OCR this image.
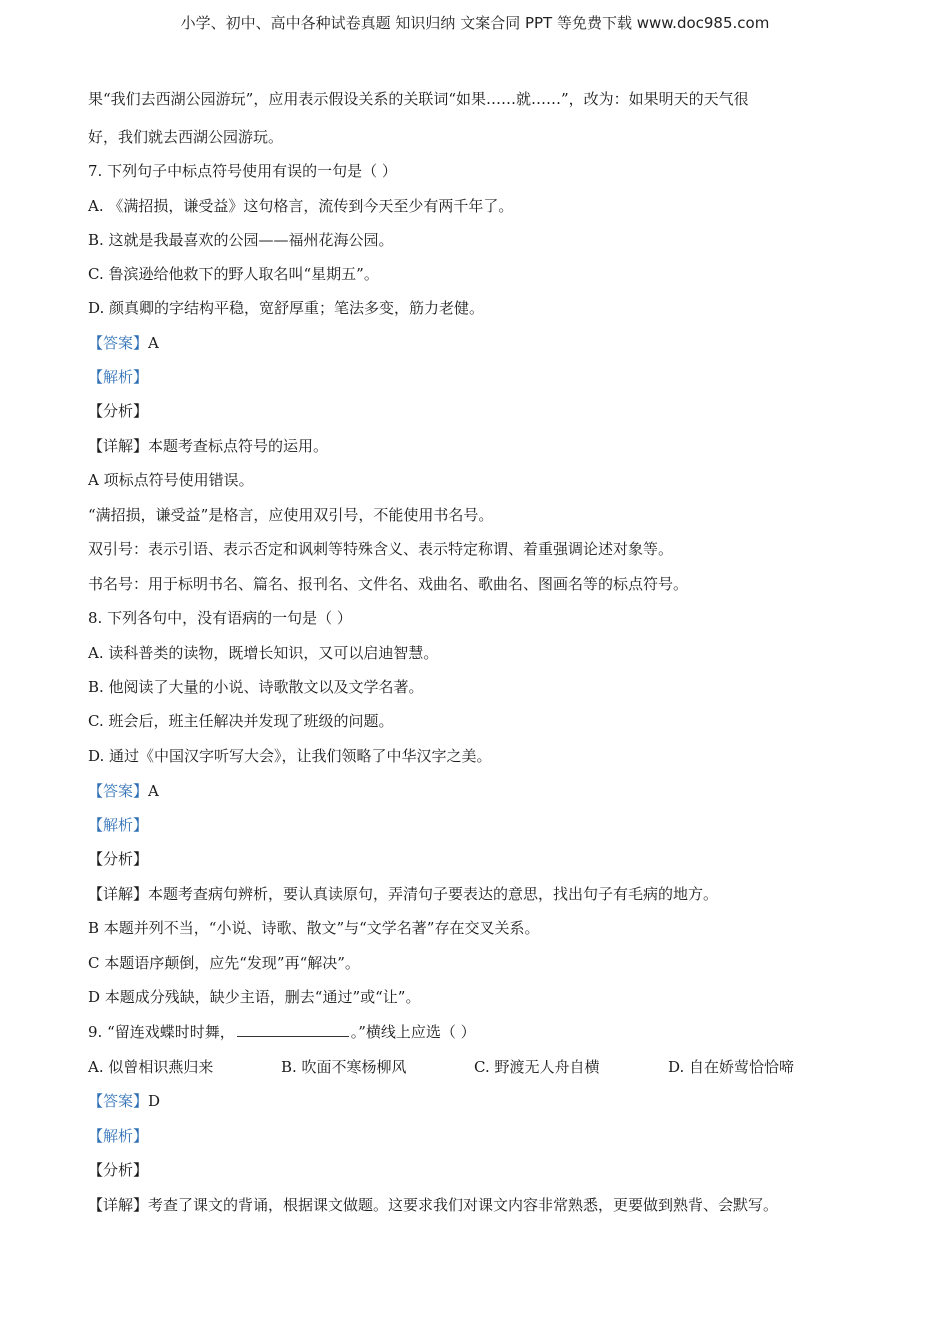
小学、初中、高中各种试卷真题 知识归纳 文案合同 PPT 等免费下载 www.doc985.com
果“我们去西湖公园游玩”，应用表示假设关系的关联词“如果……就……”，改为：如果明天的天气很
好，我们就去西湖公园游玩。
7. 下列句子中标点符号使用有误的一句是（ ）
A. 《满招损，谦受益》这句格言，流传到今天至少有两千年了。
B. 这就是我最喜欢的公园——福州花海公园。
C. 鲁滨逊给他救下的野人取名叫“星期五”。
D. 颜真卿的字结构平稳，宽舒厚重；笔法多变，筋力老健。
【答案】A
【解析】
【分析】
【详解】本题考查标点符号的运用。
A 项标点符号使用错误。
“满招损，谦受益”是格言，应使用双引号，不能使用书名号。
双引号：表示引语、表示否定和讽刺等特殊含义、表示特定称谓、着重强调论述对象等。
书名号：用于标明书名、篇名、报刊名、文件名、戏曲名、歌曲名、图画名等的标点符号。
8. 下列各句中，没有语病的一句是（ ）
A. 读科普类的读物，既增长知识，又可以启迪智慧。
B. 他阅读了大量的小说、诗歌散文以及文学名著。
C. 班会后，班主任解决并发现了班级的问题。
D. 通过《中国汉字听写大会》，让我们领略了中华汉字之美。
【答案】A
【解析】
【分析】
【详解】本题考查病句辨析，要认真读原句，弄清句子要表达的意思，找出句子有毛病的地方。
B 本题并列不当，“小说、诗歌、散文”与“文学名著”存在交叉关系。
C 本题语序颠倒，应先“发现”再“解决”。
D 本题成分残缺，缺少主语，删去“通过”或“让”。
9. “留连戏蝶时时舞，	。”横线上应选（ ）
A. 似曾相识燕归来	B. 吹面不寒杨柳风	C. 野渡无人舟自横	D. 自在娇莺恰恰啼
【答案】D
【解析】
【分析】
【详解】考查了课文的背诵，根据课文做题。这要求我们对课文内容非常熟悉，更要做到熟背、会默写。
